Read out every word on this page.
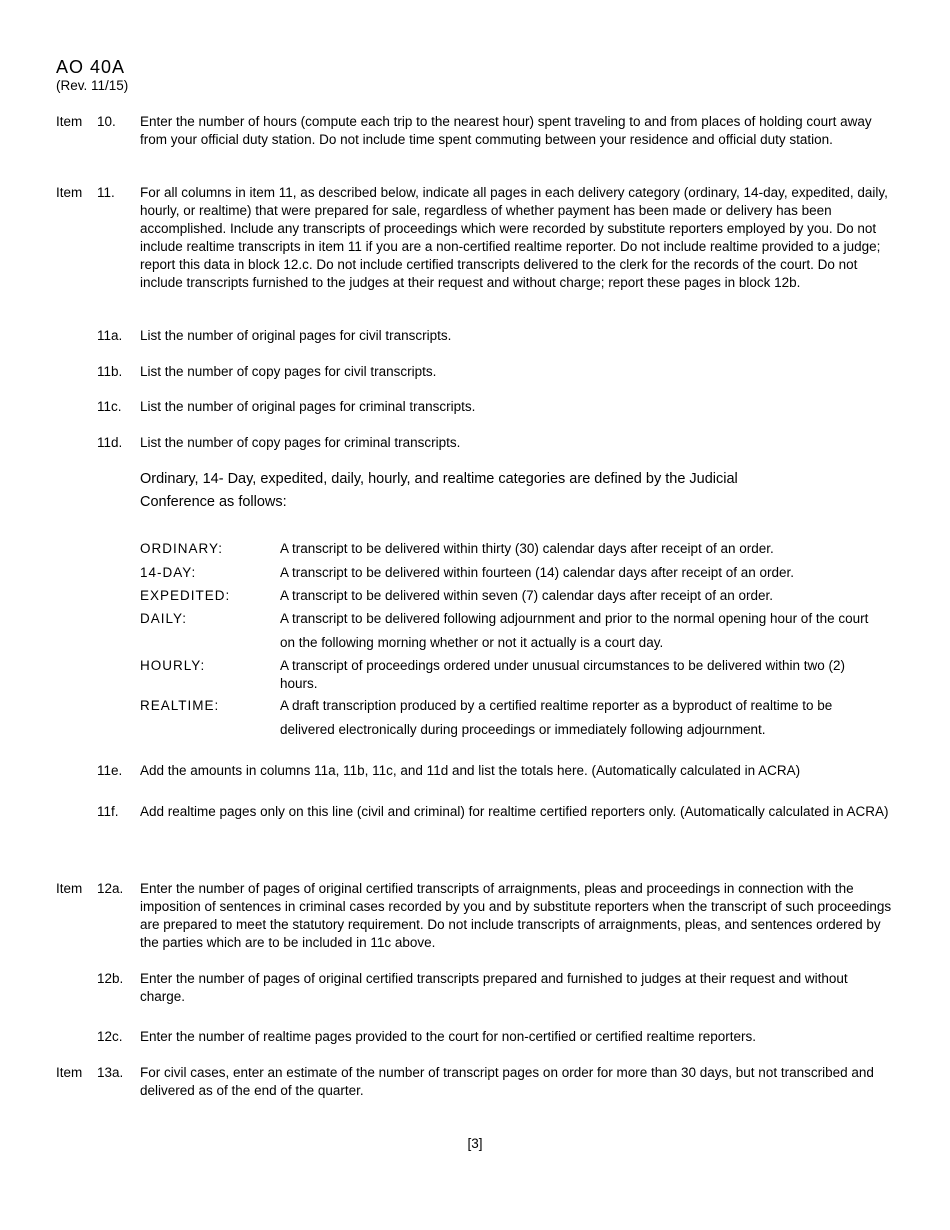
AO 40A
(Rev. 11/15)
Item 10. Enter the number of hours (compute each trip to the nearest hour) spent traveling to and from places of holding court away from your official duty station. Do not include time spent commuting between your residence and official duty station.
Item 11. For all columns in item 11, as described below, indicate all pages in each delivery category (ordinary, 14-day, expedited, daily, hourly, or realtime) that were prepared for sale, regardless of whether payment has been made or delivery has been accomplished. Include any transcripts of proceedings which were recorded by substitute reporters employed by you. Do not include realtime transcripts in item 11 if you are a non-certified realtime reporter. Do not include realtime provided to a judge; report this data in block 12.c. Do not include certified transcripts delivered to the clerk for the records of the court. Do not include transcripts furnished to the judges at their request and without charge; report these pages in block 12b.
11a. List the number of original pages for civil transcripts.
11b. List the number of copy pages for civil transcripts.
11c. List the number of original pages for criminal transcripts.
11d. List the number of copy pages for criminal transcripts.
Ordinary, 14- Day, expedited, daily, hourly, and realtime categories are defined by the Judicial Conference as follows:
ORDINARY:	A transcript to be delivered within thirty (30) calendar days after receipt of an order.
14-DAY:	A transcript to be delivered within fourteen (14) calendar days after receipt of an order.
EXPEDITED:	A transcript to be delivered within seven (7) calendar days after receipt of an order.
DAILY:	A transcript to be delivered following adjournment and prior to the normal opening hour of the court on the following morning whether or not it actually is a court day.
HOURLY:	A transcript of proceedings ordered under unusual circumstances to be delivered within two (2) hours.
REALTIME:	A draft transcription produced by a certified realtime reporter as a byproduct of realtime to be delivered electronically during proceedings or immediately following adjournment.
11e. Add the amounts in columns 11a, 11b, 11c, and 11d and list the totals here. (Automatically calculated in ACRA)
11f. Add realtime pages only on this line (civil and criminal) for realtime certified reporters only. (Automatically calculated in ACRA)
Item 12a. Enter the number of pages of original certified transcripts of arraignments, pleas and proceedings in connection with the imposition of sentences in criminal cases recorded by you and by substitute reporters when the transcript of such proceedings are prepared to meet the statutory requirement. Do not include transcripts of arraignments, pleas, and sentences ordered by the parties which are to be included in 11c above.
12b. Enter the number of pages of original certified transcripts prepared and furnished to judges at their request and without charge.
12c. Enter the number of realtime pages provided to the court for non-certified or certified realtime reporters.
Item 13a. For civil cases, enter an estimate of the number of transcript pages on order for more than 30 days, but not transcribed and delivered as of the end of the quarter.
[3]
